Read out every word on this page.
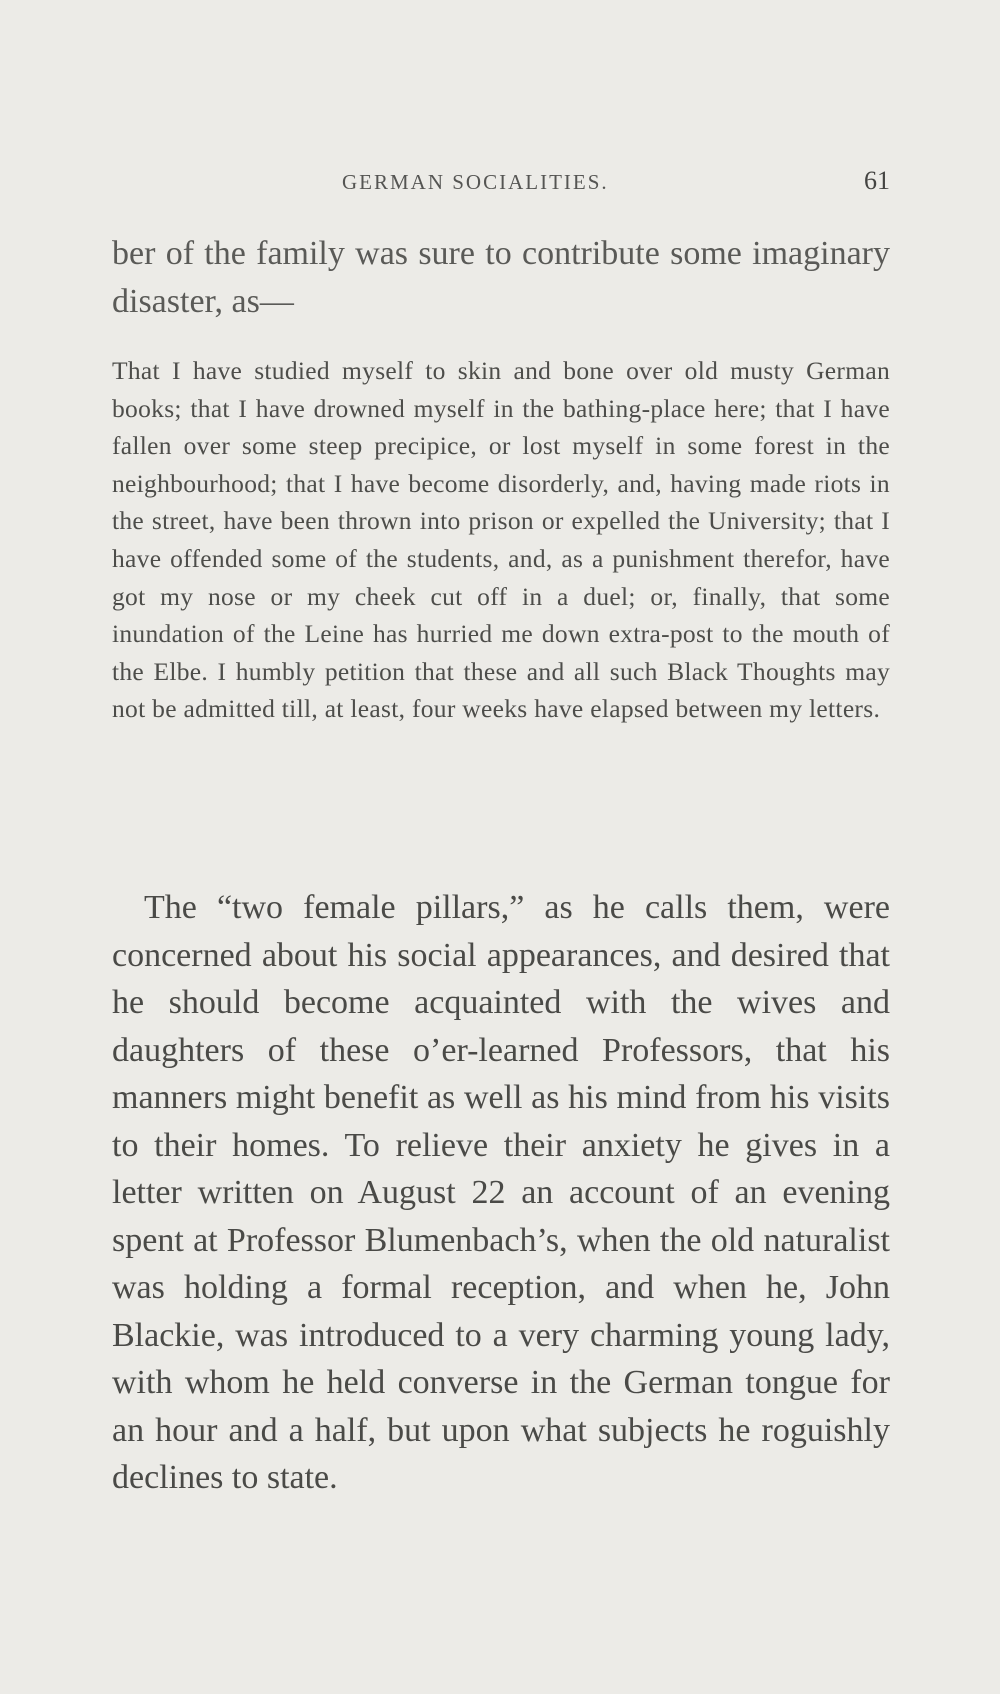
GERMAN SOCIALITIES.	61

ber of the family was sure to contribute some imaginary disaster, as—

That I have studied myself to skin and bone over old musty German books; that I have drowned myself in the bathing-place here; that I have fallen over some steep precipice, or lost myself in some forest in the neighbourhood; that I have become disorderly, and, having made riots in the street, have been thrown into prison or expelled the University; that I have offended some of the students, and, as a punishment therefor, have got my nose or my cheek cut off in a duel; or, finally, that some inundation of the Leine has hurried me down extra-post to the mouth of the Elbe. I humbly petition that these and all such Black Thoughts may not be admitted till, at least, four weeks have elapsed between my letters.

The “two female pillars,” as he calls them, were concerned about his social appearances, and desired that he should become acquainted with the wives and daughters of these o’er-learned Professors, that his manners might benefit as well as his mind from his visits to their homes. To relieve their anxiety he gives in a letter written on August 22 an account of an evening spent at Professor Blumenbach’s, when the old naturalist was holding a formal reception, and when he, John Blackie, was introduced to a very charming young lady, with whom he held converse in the German tongue for an hour and a half, but upon what subjects he roguishly declines to state.
